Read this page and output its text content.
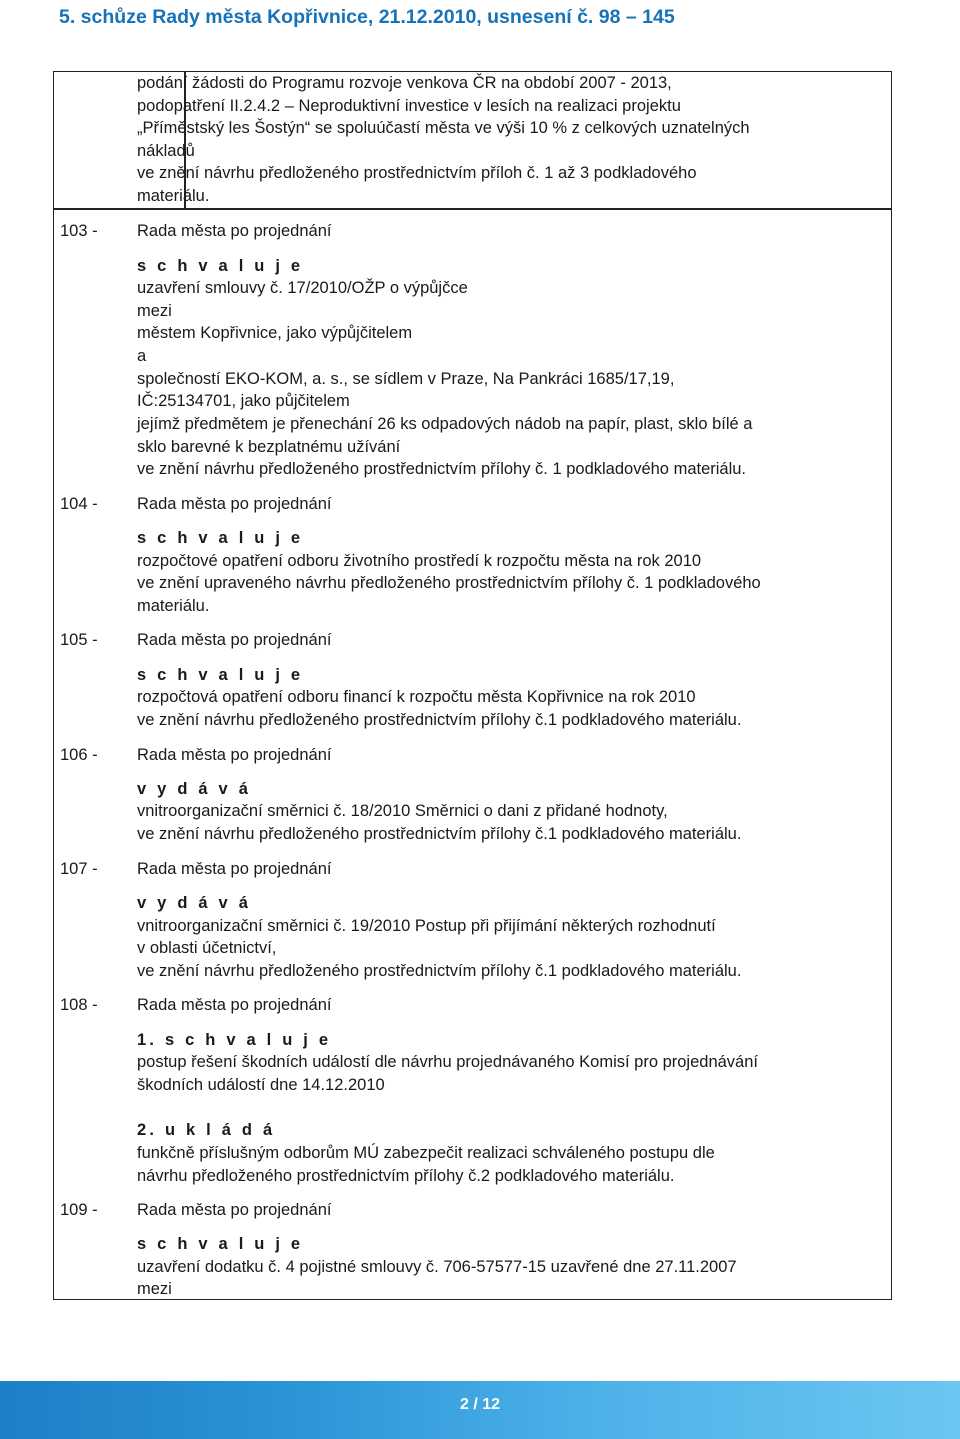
5. schůze Rady města Kopřivnice, 21.12.2010, usnesení č. 98 – 145
podání žádosti do Programu rozvoje venkova ČR na období 2007 - 2013,
podopatření II.2.4.2 – Neproduktivní investice v lesích na realizaci projektu
„Příměstský les Šostýn“ se spoluúčastí města ve výši 10 % z celkových uznatelných
nákladů
ve znění návrhu předloženého prostřednictvím příloh č. 1 až 3 podkladového
materiálu.
103 - Rada města po projednání
s c h v a l u j e
uzavření smlouvy č. 17/2010/OŽP o výpůjčce
mezi
městem Kopřivnice, jako výpůjčitelem
a
společností EKO-KOM, a. s., se sídlem v Praze, Na Pankráci 1685/17,19,
IČ:25134701, jako půjčitelem
jejímž předmětem je přenechání 26 ks odpadových nádob na papír, plast, sklo bílé a
sklo barevné k bezplatnému užívání
ve znění návrhu předloženého prostřednictvím přílohy č. 1 podkladového materiálu.
104 - Rada města po projednání
s c h v a l u j e
rozpočtové opatření odboru životního prostředí k rozpočtu města na rok 2010
ve znění upraveného návrhu předloženého prostřednictvím přílohy č. 1 podkladového
materiálu.
105 - Rada města po projednání
s c h v a l u j e
rozpočtová opatření odboru financí k rozpočtu města Kopřivnice na rok 2010
ve znění návrhu předloženého prostřednictvím přílohy č.1 podkladového materiálu.
106 - Rada města po projednání
v y d á v á
vnitroorganizační směrnici č. 18/2010 Směrnici o dani z přidané hodnoty,
ve znění návrhu předloženého prostřednictvím přílohy č.1 podkladového materiálu.
107 - Rada města po projednání
v y d á v á
vnitroorganizační směrnici č. 19/2010 Postup při přijímání některých rozhodnutí
v oblasti účetnictví,
ve znění návrhu předloženého prostřednictvím přílohy č.1 podkladového materiálu.
108 - Rada města po projednání
1. s c h v a l u j e
postup řešení škodních událostí dle návrhu projednávaného Komisí pro projednávání
škodních událostí dne 14.12.2010
2. u k l á d á
funkčně příslušným odborům MÚ zabezpečit realizaci schváleného postupu dle
návrhu předloženého prostřednictvím přílohy č.2 podkladového materiálu.
109 - Rada města po projednání
s c h v a l u j e
uzavření dodatku č. 4 pojistné smlouvy č. 706-57577-15 uzavřené dne 27.11.2007
mezi
2 / 12
